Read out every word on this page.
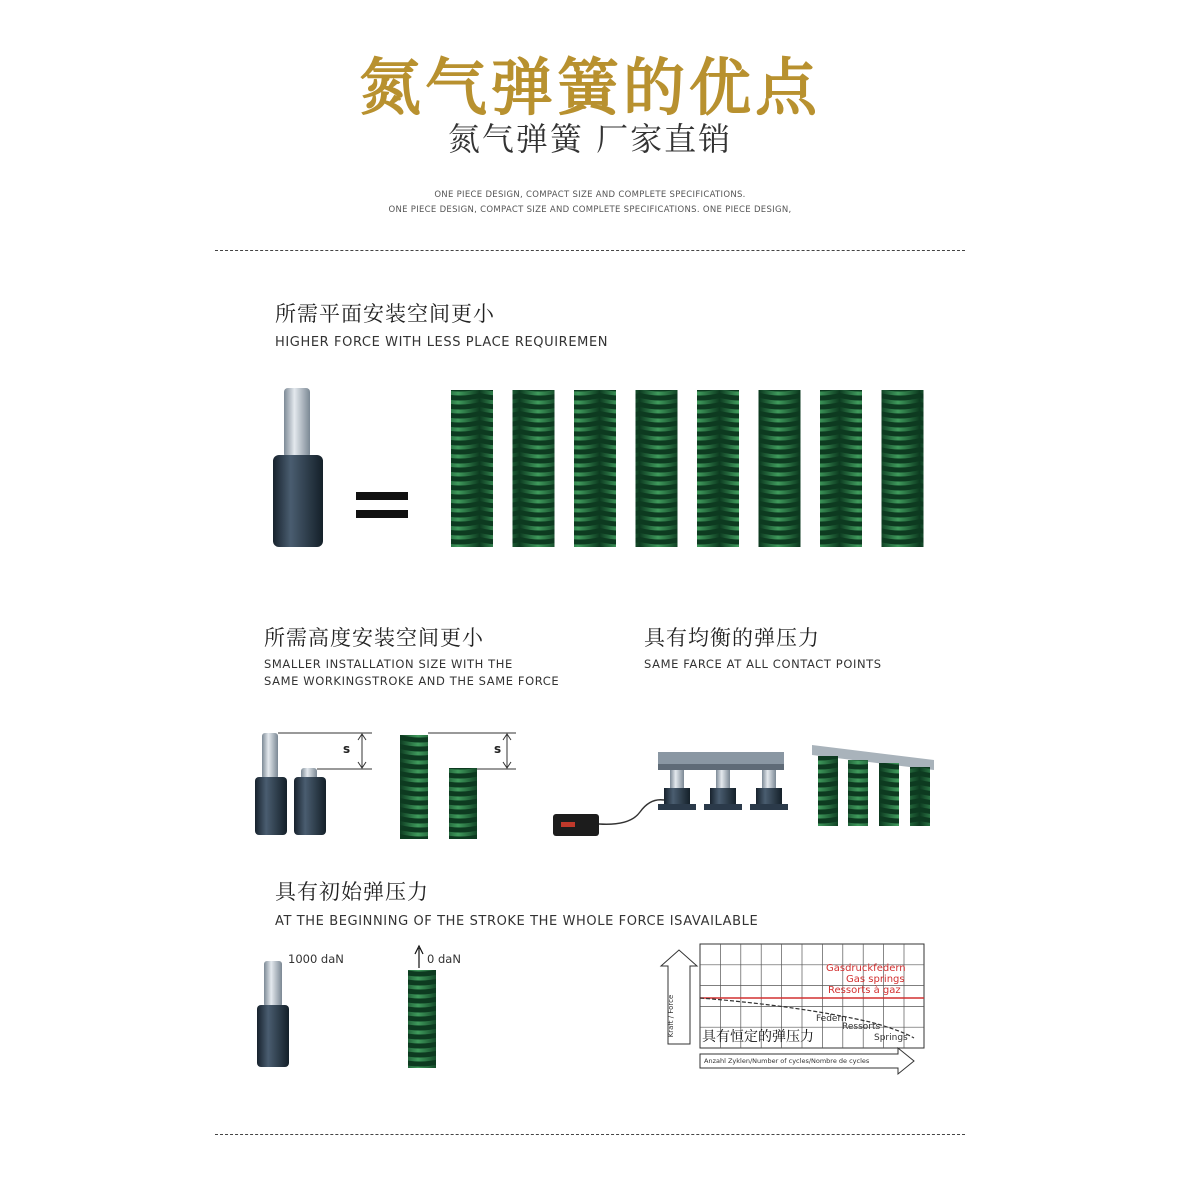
氮气弹簧的优点
氮气弹簧 厂家直销
ONE PIECE DESIGN, COMPACT SIZE AND COMPLETE SPECIFICATIONS.
ONE PIECE DESIGN, COMPACT SIZE AND COMPLETE SPECIFICATIONS. ONE PIECE DESIGN,
所需平面安装空间更小
HIGHER FORCE WITH LESS PLACE REQUIREMEN
所需高度安装空间更小
SMALLER INSTALLATION SIZE WITH THE
SAME WORKINGSTROKE AND THE SAME FORCE
具有均衡的弹压力
SAME FARCE AT ALL CONTACT POINTS
s	s
具有初始弹压力
AT THE BEGINNING OF THE STROKE THE WHOLE FORCE ISAVAILABLE
1000 daN	0 daN
Kraft / Force
Anzahl Zyklen/Number of cycles/Nombre de cycles
Gasdruckfedern
Gas springs
Ressorts à gaz
Federn
Ressorts
Springs
具有恒定的弹压力
